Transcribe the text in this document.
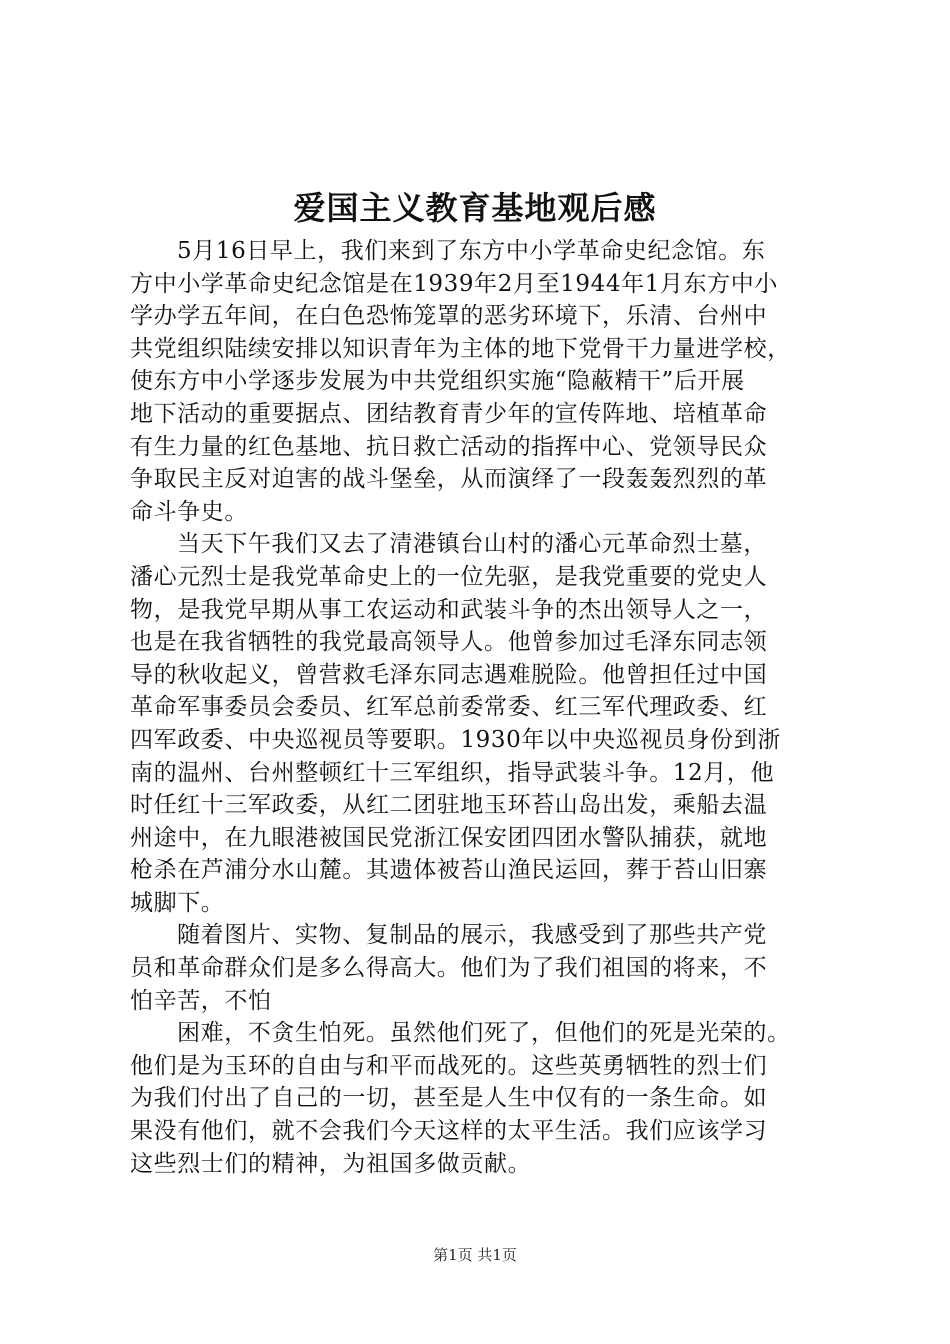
爱国主义教育基地观后感
5月16日早上，我们来到了东方中小学革命史纪念馆。东
方中小学革命史纪念馆是在1939年2月至1944年1月东方中小
学办学五年间，在白色恐怖笼罩的恶劣环境下，乐清、台州中
共党组织陆续安排以知识青年为主体的地下党骨干力量进学校，
使东方中小学逐步发展为中共党组织实施“隐蔽精干”后开展
地下活动的重要据点、团结教育青少年的宣传阵地、培植革命
有生力量的红色基地、抗日救亡活动的指挥中心、党领导民众
争取民主反对迫害的战斗堡垒，从而演绎了一段轰轰烈烈的革
命斗争史。
当天下午我们又去了清港镇台山村的潘心元革命烈士墓，
潘心元烈士是我党革命史上的一位先驱，是我党重要的党史人
物，是我党早期从事工农运动和武装斗争的杰出领导人之一，
也是在我省牺牲的我党最高领导人。他曾参加过毛泽东同志领
导的秋收起义，曾营救毛泽东同志遇难脱险。他曾担任过中国
革命军事委员会委员、红军总前委常委、红三军代理政委、红
四军政委、中央巡视员等要职。1930年以中央巡视员身份到浙
南的温州、台州整顿红十三军组织，指导武装斗争。12月，他
时任红十三军政委，从红二团驻地玉环苔山岛出发，乘船去温
州途中，在九眼港被国民党浙江保安团四团水警队捕获，就地
枪杀在芦浦分水山麓。其遗体被苔山渔民运回，葬于苔山旧寨
城脚下。
随着图片、实物、复制品的展示，我感受到了那些共产党
员和革命群众们是多么得高大。他们为了我们祖国的将来，不
怕辛苦，不怕
困难，不贪生怕死。虽然他们死了，但他们的死是光荣的。
他们是为玉环的自由与和平而战死的。这些英勇牺牲的烈士们
为我们付出了自己的一切，甚至是人生中仅有的一条生命。如
果没有他们，就不会我们今天这样的太平生活。我们应该学习
这些烈士们的精神，为祖国多做贡献。
第1页 共1页
